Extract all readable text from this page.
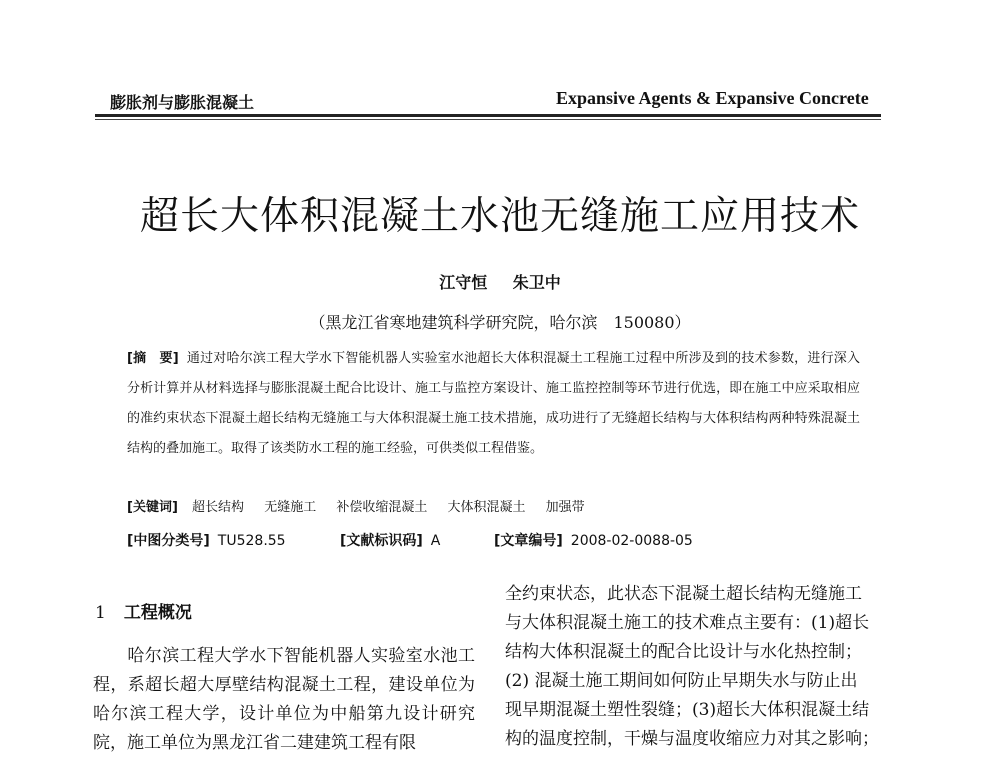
膨胀剂与膨胀混凝土	Expansive Agents & Expansive Concrete
超长大体积混凝土水池无缝施工应用技术
江守恒 朱卫中
（黑龙江省寒地建筑科学研究院，哈尔滨　150080）
[摘　要] 通过对哈尔滨工程大学水下智能机器人实验室水池超长大体积混凝土工程施工过程中所涉及到的技术参数，进行深入分析计算并从材料选择与膨胀混凝土配合比设计、施工与监控方案设计、施工监控控制等环节进行优选，即在施工中应采取相应的准约束状态下混凝土超长结构无缝施工与大体积混凝土施工技术措施，成功进行了无缝超长结构与大体积结构两种特殊混凝土结构的叠加施工。取得了该类防水工程的施工经验，可供类似工程借鉴。
[关键词] 超长结构 无缝施工 补偿收缩混凝土 大体积混凝土 加强带
[中图分类号] TU528.55	[文献标识码] A	[文章编号] 2008-02-0088-05
1 工程概况
哈尔滨工程大学水下智能机器人实验室水池工程，系超长超大厚壁结构混凝土工程，建设单位为哈尔滨工程大学，设计单位为中船第九设计研究院，施工单位为黑龙江省二建建筑工程有限
全约束状态，此状态下混凝土超长结构无缝施工
与大体积混凝土施工的技术难点主要有：(1)超长
结构大体积混凝土的配合比设计与水化热控制；
(2) 混凝土施工期间如何防止早期失水与防止出
现早期混凝土塑性裂缝；(3)超长大体积混凝土结
构的温度控制，干燥与温度收缩应力对其之影响；
